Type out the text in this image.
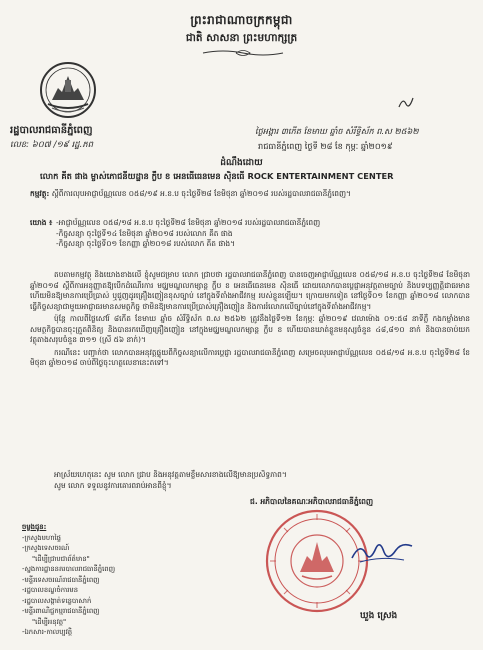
ព្រះរាជាណាចក្រកម្ពុជា
ជាតិ សាសនា ព្រះមហាក្សត្រ
រដ្ឋបាលរាជធានីភ្នំពេញ
លេខ: ៦០៧ /១៩ រដ្ឋ.ភព
ថ្ងៃអង្គារ ៣កើត ខែមាឃ ឆ្នាំច សំរឹទ្ធិស័ក ព.ស ២៥៦២
រាជធានីភ្នំពេញ ថ្ងៃទី ២៨ ខែ កុម្ភៈ ឆ្នាំ២០១៩
ដំណឹងដោយ
លោក គីត ផាង ម្ចាស់ភោជនីយដ្ឋាន ក្លឹប ខ អេនធើធេនមេន ស៊ិនធើ ROCK ENTERTAINMENT CENTER
កម្មវត្ថុ: ស្តីពីការលុបអាជ្ញាប័ណ្ណលេខ ០៥៨/១៩ អ.ខ.ប ចុះថ្ងៃទី២៨ ខែមិថុនា ឆ្នាំ២០១៨ របស់រដ្ឋបាលរាជធានីភ្នំពេញ។
យោង ៖ -អាជ្ញាប័ណ្ណលេខ ០៥៨/១៨ អ.ខ.ប ចុះថ្ងៃទី២៨ ខែមិថុនា ឆ្នាំ២០១៨ របស់រដ្ឋបាលរាជធានីភ្នំពេញ
-កិច្ចសន្យា ចុះថ្ងៃទី១៤ ខែមិថុនា ឆ្នាំ២០១៨ របស់លោក គីត ផាង
-កិច្ចសន្យា ចុះថ្ងៃទី០១ ខែកញ្ញា ឆ្នាំ២០១៨ របស់លោក គីត ផាង។

តបតាមកម្មវត្ថុ និងយោងខាងលើ ខ្ញុំសូមជម្រាប លោក ជ្រាបថា រដ្ឋបាលរាជធានីភ្នំពេញ បានចេញអាជ្ញាប័ណ្ណលេខ ០៥៨/១៨ អ.ខ.ប ចុះថ្ងៃទី២៨ ខែមិថុនា ឆ្នាំ២០១៨ ស្តីពីការអនុញ្ញាតឱ្យបើកដំណើរការ មជ្ឈមណ្ឌលកម្សាន្ត ក្លឹប ខ អេនធើធេនមេន ស៊ិនធើ ដោយលោកបានប្តេជ្ញាអនុវត្តតាមច្បាប់ និងបទប្បញ្ញត្តិជាធរមាន ហើយមិនឱ្យមានការប្រើប្រាស់ ឬជួញដូរគ្រឿងញៀនខុសច្បាប់ នៅក្នុងទីតាំងអាជីវកម្ម របស់ខ្លួនឡើយ។ ក្រោយមកទៀត នៅថ្ងៃទី០១ ខែកញ្ញា ឆ្នាំ២០១៨ លោកបានធ្វើកិច្ចសន្យាជាមួយអាជ្ញាធរមានសមត្ថកិច្ច ថាមិនឱ្យមានការប្រើប្រាស់គ្រឿងញៀន និងការរំលោភលើច្បាប់នៅក្នុងទីតាំងអាជីវកម្ម។

ប៉ុន្តែ កាលពីថ្ងៃសៅរ៍ ៨កើត ខែមាឃ ឆ្នាំច សំរឹទ្ធិស័ក ព.ស ២៥៦២ ត្រូវនឹងថ្ងៃទី១២ ខែកុម្ភៈ ឆ្នាំ២០១៩ វេលាម៉ោង ០១:៥៨ នាទីភ្លឺ កងកម្លាំងមានសមត្ថកិច្ចបានចុះត្រួតពិនិត្យ និងបានរកឃើញគ្រឿងញៀន នៅក្នុងមជ្ឈមណ្ឌលកម្សាន្ត ក្លឹប ខ ហើយបានឃាត់ខ្លួនមនុស្សចំនួន ៤៨,៨១០ នាក់ និងបានចាប់យកវត្ថុតាងសរុបចំនួន ៣១១ (ស្រី ៥៦ នាក់)។

ករណីនេះ បញ្ជាក់ថា លោកបានអនុវត្តផ្ទុយពីកិច្ចសន្យាលើការប្តេជ្ញា រដ្ឋបាលរាជធានីភ្នំពេញ សម្រេចលុបអាជ្ញាប័ណ្ណលេខ ០៥៨/១៨ អ.ខ.ប ចុះថ្ងៃទី២៨ ខែមិថុនា ឆ្នាំ២០១៨ ចាប់ពីថ្ងៃចុះហត្ថលេខានេះតទៅ។

អាស្រ័យហេតុនេះ សូម លោក ជ្រាប និងអនុវត្តតាមខ្លឹមសារខាងលើឱ្យមានប្រសិទ្ធភាព។

សូម លោក ទទួលនូវការគោរពរាប់អានពីខ្ញុំ។

ជ. អភិបាលនៃគណៈអភិបាលរាជធានីភ្នំពេញ
ឃួង ស្រេង
ចម្លងជូន:
-ក្រសួងមហាផ្ទៃ
-ក្រសួងទេសចរណ៍
"ដើម្បីជ្រាបជាព័ត៌មាន"
-ស្នងការដ្ឋាននគរបាលរាជធានីភ្នំពេញ
-មន្ទីរទេសចរណ៍រាជធានីភ្នំពេញ
-រដ្ឋបាលខណ្ឌចំការមន
-រដ្ឋបាលសង្កាត់ទន្លេបាសាក់
-មន្ទីរពាណិជ្ជកម្មរាជធានីភ្នំពេញ
"ដើម្បីអនុវត្ត"
-ឯកសារ-កាលប្បវត្តិ
